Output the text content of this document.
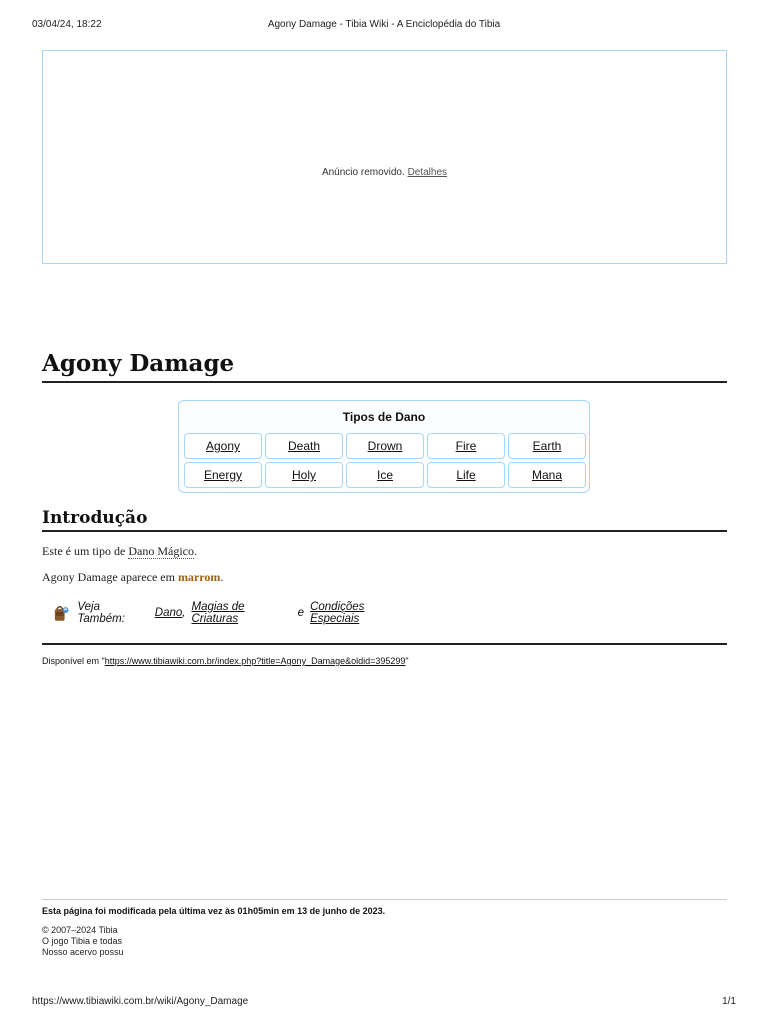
03/04/24, 18:22	Agony Damage - Tibia Wiki - A Enciclopédia do Tibia
Anúncio removido. Detalhes
Agony Damage
Tipos de Dano
Agony	Death	Drown	Fire	Earth
Energy	Holy	Ice	Life	Mana
Introdução
Este é um tipo de Dano Mágico.
Agony Damage aparece em marrom.
Veja Também:	Dano , Magias de Criaturas	e Condições Especiais
Disponível em "https://www.tibiawiki.com.br/index.php?title=Agony_Damage&oldid=395299"
Esta página foi modificada pela última vez às 01h05min em 13 de junho de 2023.
© 2007–2024 Tibia
O jogo Tibia e todas
Nosso acervo possu
https://www.tibiawiki.com.br/wiki/Agony_Damage	1/1
